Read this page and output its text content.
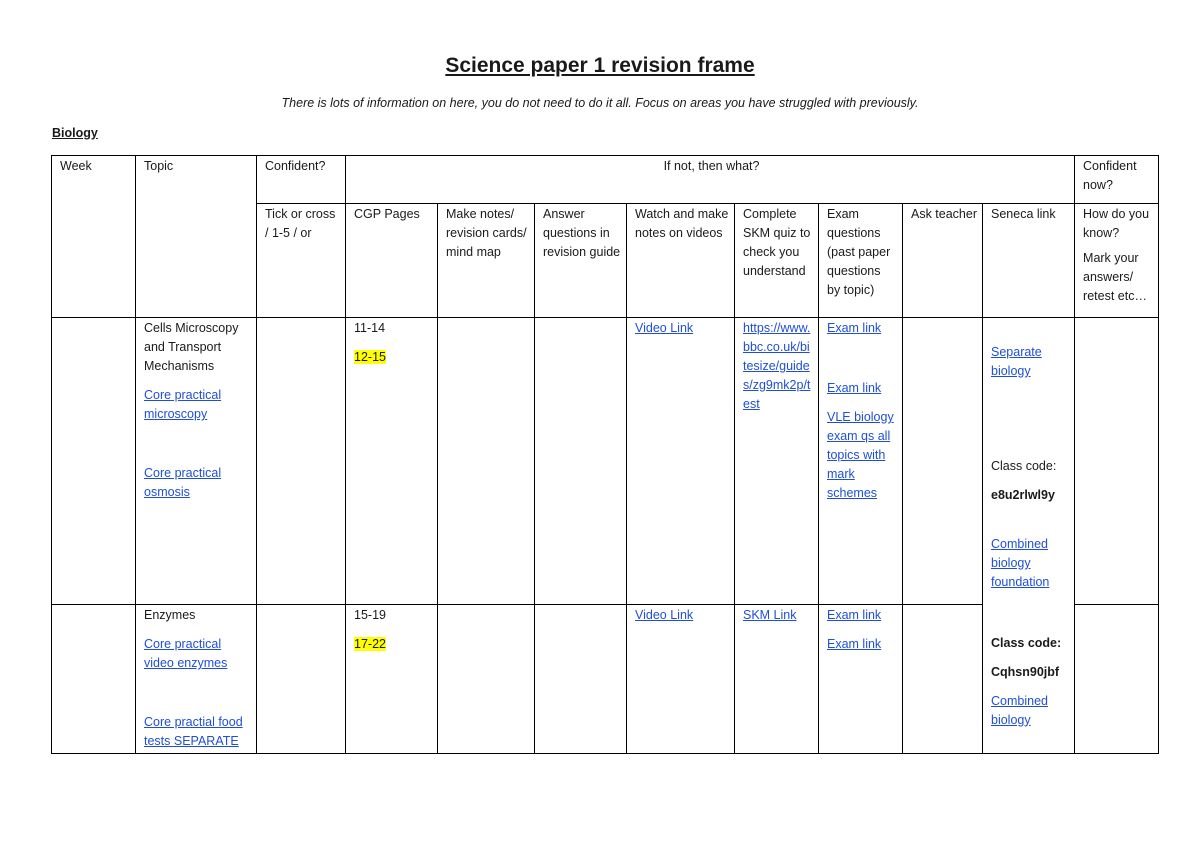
Science paper 1 revision frame
There is lots of information on here, you do not need to do it all. Focus on areas you have struggled with previously.
Biology
Week	Topic	Confident?	If not, then what?								Confident now?
		Tick or cross / 1-5 / or	CGP Pages	Make notes/ revision cards/ mind map	Answer questions in revision guide	Watch and make notes on videos	Complete SKM quiz to check you understand	Exam questions (past paper questions by topic)	Ask teacher	Seneca link	How do you know?
Mark your answers/ retest etc…

	Cells Microscopy and Transport Mechanisms
Core practical microscopy
Core practical osmosis		11-14
12-15			Video Link	https://www.bbc.co.uk/bitesize/guides/zg9mk2p/test	Exam link
Exam link
VLE biology exam qs all topics with mark schemes		Separate biology
Class code:
e8u2rlwl9y
Combined biology foundation	

	Enzymes
Core practical video enzymes
Core practial food tests SEPARATE		15-19
17-22			Video Link	SKM Link	Exam link
Exam link		Class code:
Cqhsn90jbf
Combined biology	
